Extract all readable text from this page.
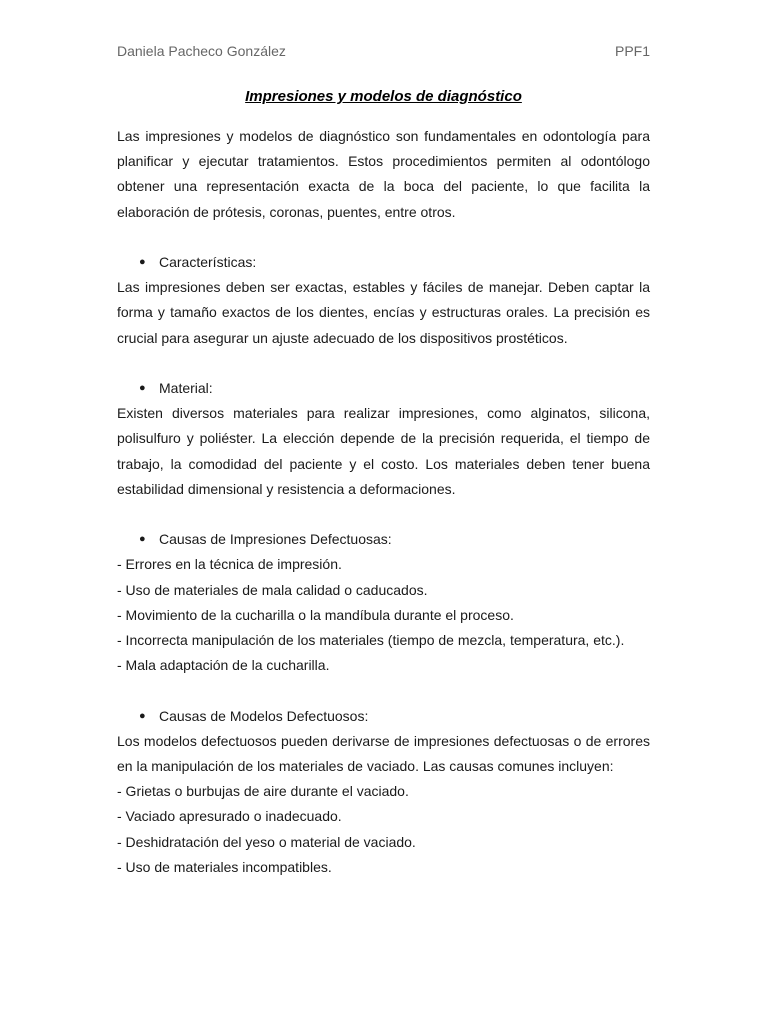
Daniela Pacheco González	PPF1
Impresiones y modelos de diagnóstico

Las impresiones y modelos de diagnóstico son fundamentales en odontología para planificar y ejecutar tratamientos. Estos procedimientos permiten al odontólogo obtener una representación exacta de la boca del paciente, lo que facilita la elaboración de prótesis, coronas, puentes, entre otros.

● Características:

Las impresiones deben ser exactas, estables y fáciles de manejar. Deben captar la forma y tamaño exactos de los dientes, encías y estructuras orales. La precisión es crucial para asegurar un ajuste adecuado de los dispositivos prostéticos.

● Material:

Existen diversos materiales para realizar impresiones, como alginatos, silicona, polisulfuro y poliéster. La elección depende de la precisión requerida, el tiempo de trabajo, la comodidad del paciente y el costo. Los materiales deben tener buena estabilidad dimensional y resistencia a deformaciones.

● Causas de Impresiones Defectuosas:

- Errores en la técnica de impresión.

- Uso de materiales de mala calidad o caducados.

- Movimiento de la cucharilla o la mandíbula durante el proceso.

- Incorrecta manipulación de los materiales (tiempo de mezcla, temperatura, etc.).

- Mala adaptación de la cucharilla.

● Causas de Modelos Defectuosos:

Los modelos defectuosos pueden derivarse de impresiones defectuosas o de errores en la manipulación de los materiales de vaciado. Las causas comunes incluyen:

- Grietas o burbujas de aire durante el vaciado.

- Vaciado apresurado o inadecuado.

- Deshidratación del yeso o material de vaciado.

- Uso de materiales incompatibles.
